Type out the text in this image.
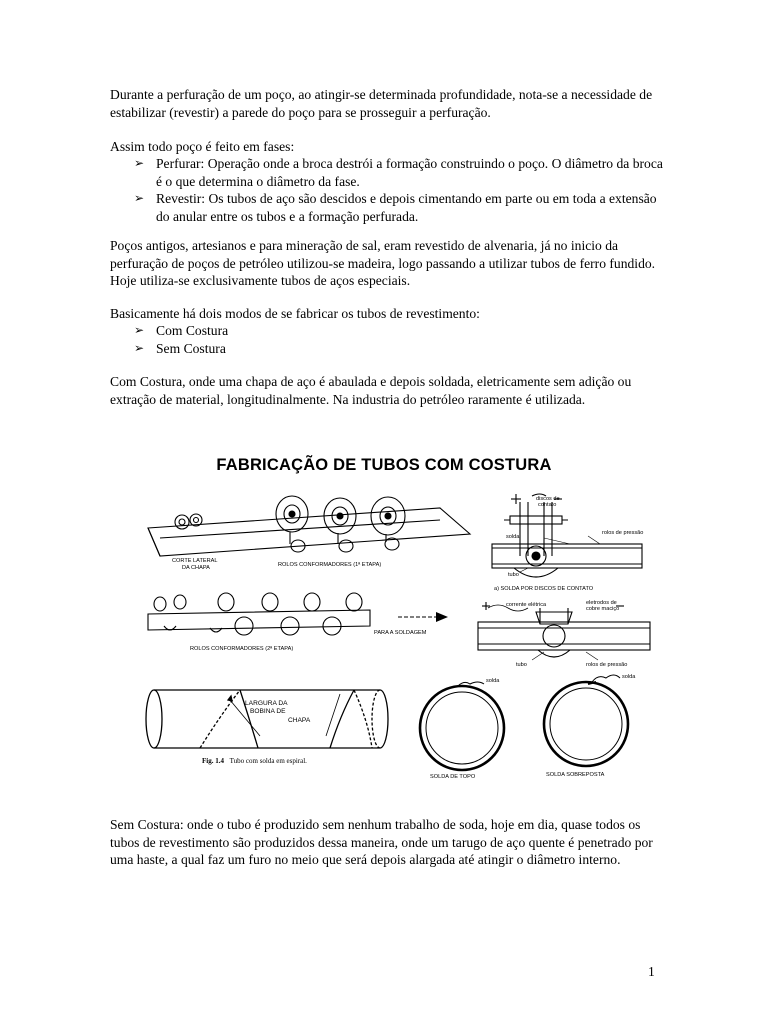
Durante a perfuração de um poço, ao atingir-se determinada profundidade, nota-se a necessidade de estabilizar (revestir) a parede do poço para se prosseguir a perfuração.

Assim todo poço é feito em fases:

➢ Perfurar: Operação onde a broca destrói a formação construindo o poço. O diâmetro da broca é o que determina o diâmetro da fase.
➢ Revestir: Os tubos de aço são descidos e depois cimentando em parte ou em toda a extensão do anular entre os tubos e a formação perfurada.

Poços antigos, artesianos e para mineração de sal, eram revestido de alvenaria, já no inicio da perfuração de poços de petróleo utilizou-se madeira, logo passando a utilizar tubos de ferro fundido. Hoje utiliza-se exclusivamente tubos de aços especiais.

Basicamente há dois modos de se fabricar os tubos de revestimento:

➢ Com Costura
➢ Sem Costura

Com Costura, onde uma chapa de aço é abaulada e depois soldada, eletricamente sem adição ou extração de material, longitudinalmente. Na industria do petróleo raramente é utilizada.

FABRICAÇÃO DE TUBOS COM COSTURA
CORTE LATERAL
DA CHAPA	ROLOS CONFORMADORES (1ª ETAPA)
PARA A SOLDAGEM
ROLOS CONFORMADORES (2ª ETAPA)
LARGURA DA
BOBINA DE
CHAPA
Fig. 1.4 Tubo com solda em espiral.
discos de
contato
solda
rolos de pressão
tubo
a) SOLDA POR DISCOS DE CONTATO
corrente elétrica	eletrodos de
cobre maciço
tubo	rolos de pressão
solda
SOLDA DE TOPO
solda
SOLDA SOBREPOSTA

Sem Costura: onde o tubo é produzido sem nenhum trabalho de soda, hoje em dia, quase todos os tubos de revestimento são produzidos dessa maneira, onde um tarugo de aço quente é penetrado por uma haste, a qual faz um furo no meio que será depois alargada até atingir o diâmetro interno.

1
